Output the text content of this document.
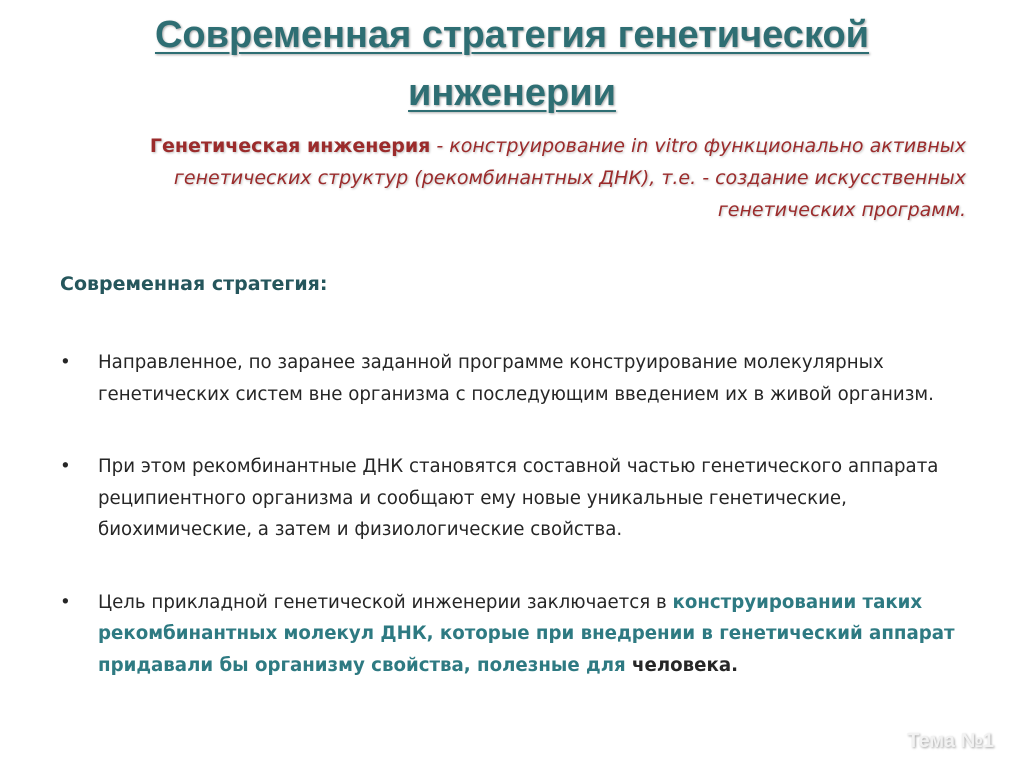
Современная стратегия генетической инженерии
Генетическая инженерия - конструирование in vitro функционально активных генетических структур (рекомбинантных ДНК), т.е. - создание искусственных генетических программ.
Современная стратегия:
•	Направленное, по заранее заданной программе конструирование молекулярных генетических систем вне организма с последующим введением их в живой организм.
•	При этом рекомбинантные ДНК становятся составной частью генетического аппарата реципиентного организма и сообщают ему новые уникальные генетические, биохимические, а затем и физиологические свойства.
•	Цель прикладной генетической инженерии заключается в конструировании таких рекомбинантных молекул ДНК, которые при внедрении в генетический аппарат придавали бы организму свойства, полезные для человека.
Тема №1
